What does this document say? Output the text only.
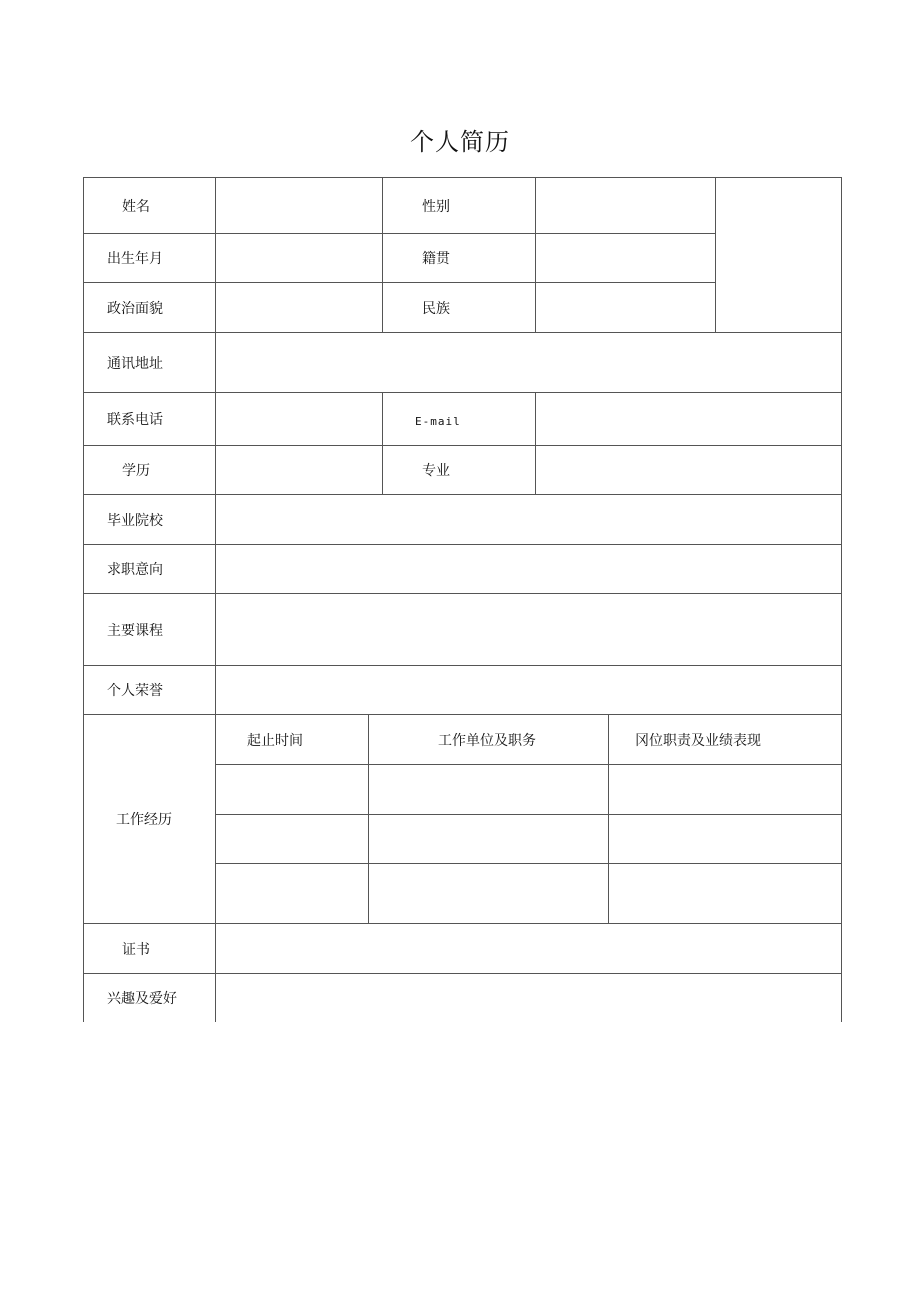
个人简历
姓名	性别
出生年月	籍贯
政治面貌	民族
通讯地址
联系电话	E-mail
学历	专业
毕业院校
求职意向
主要课程
个人荣誉
工作经历
起止时间	工作单位及职务	冈位职责及业绩表现
证书
兴趣及爱好
